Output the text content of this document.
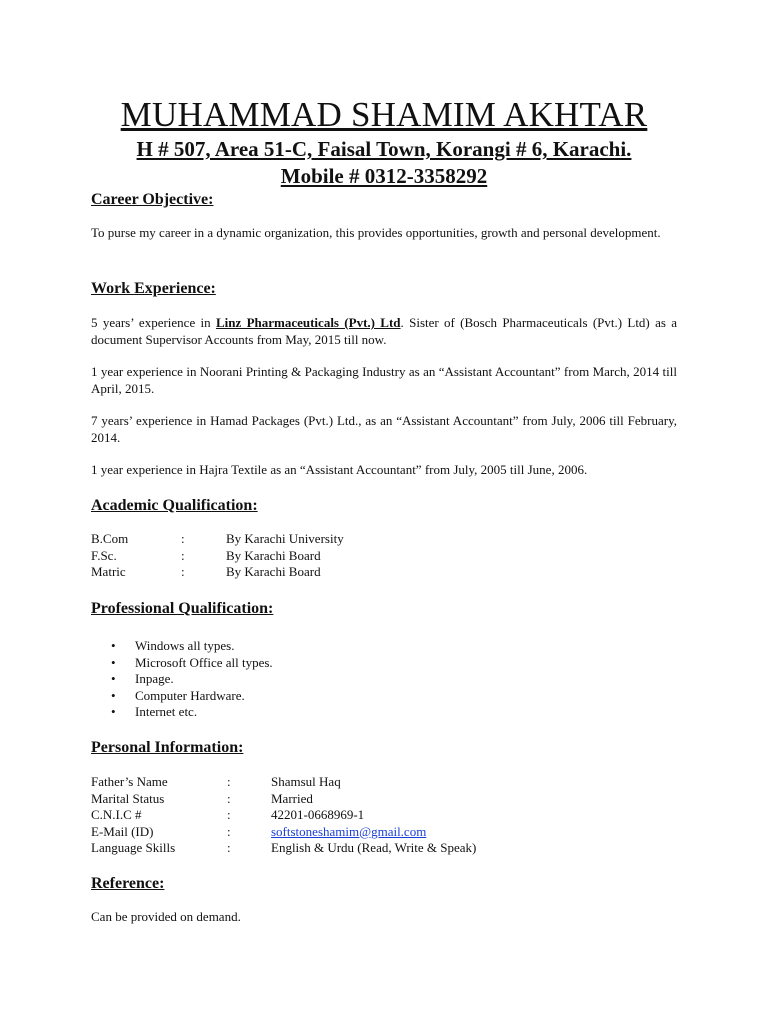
MUHAMMAD SHAMIM AKHTAR
H # 507, Area 51-C, Faisal Town, Korangi # 6, Karachi.
Mobile # 0312-3358292
Career Objective:
To purse my career in a dynamic organization, this provides opportunities, growth and personal development.
Work Experience:
5 years’ experience in Linz Pharmaceuticals (Pvt.) Ltd. Sister of (Bosch Pharmaceuticals (Pvt.) Ltd) as a document Supervisor Accounts from May, 2015 till now.
1 year experience in Noorani Printing & Packaging Industry as an “Assistant Accountant” from March, 2014 till April, 2015.
7 years’ experience in Hamad Packages (Pvt.) Ltd., as an “Assistant Accountant” from July, 2006 till February, 2014.
1 year experience in Hajra Textile as an “Assistant Accountant” from July, 2005 till June, 2006.
Academic Qualification:
B.Com	:	By Karachi University
F.Sc.	:	By Karachi Board
Matric	:	By Karachi Board
Professional Qualification:
• Windows all types.
• Microsoft Office all types.
• Inpage.
• Computer Hardware.
• Internet etc.
Personal Information:
Father’s Name	:	Shamsul Haq
Marital Status	:	Married
C.N.I.C #	:	42201-0668969-1
E-Mail (ID)	:	softstoneshamim@gmail.com
Language Skills	:	English & Urdu (Read, Write & Speak)
Reference:
Can be provided on demand.
